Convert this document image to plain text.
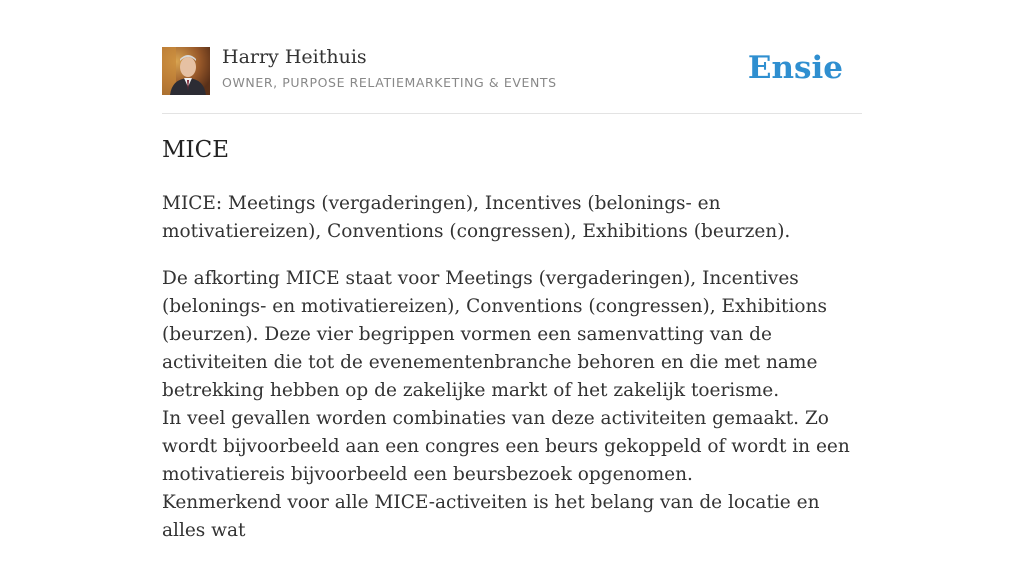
Harry Heithuis
OWNER, PURPOSE RELATIEMARKETING & EVENTS	Ensie
MICE

MICE: Meetings (vergaderingen), Incentives (belonings- en motivatiereizen), Conventions (congressen), Exhibitions (beurzen).

De afkorting MICE staat voor Meetings (vergaderingen), Incentives (belonings- en motivatiereizen), Conventions (congressen), Exhibitions (beurzen). Deze vier begrippen vormen een samenvatting van de activiteiten die tot de evenementenbranche behoren en die met name betrekking hebben op de zakelijke markt of het zakelijk toerisme.
In veel gevallen worden combinaties van deze activiteiten gemaakt. Zo wordt bijvoorbeeld aan een congres een beurs gekoppeld of wordt in een motivatiereis bijvoorbeeld een beursbezoek opgenomen.
Kenmerkend voor alle MICE-activeiten is het belang van de locatie en alles wat
